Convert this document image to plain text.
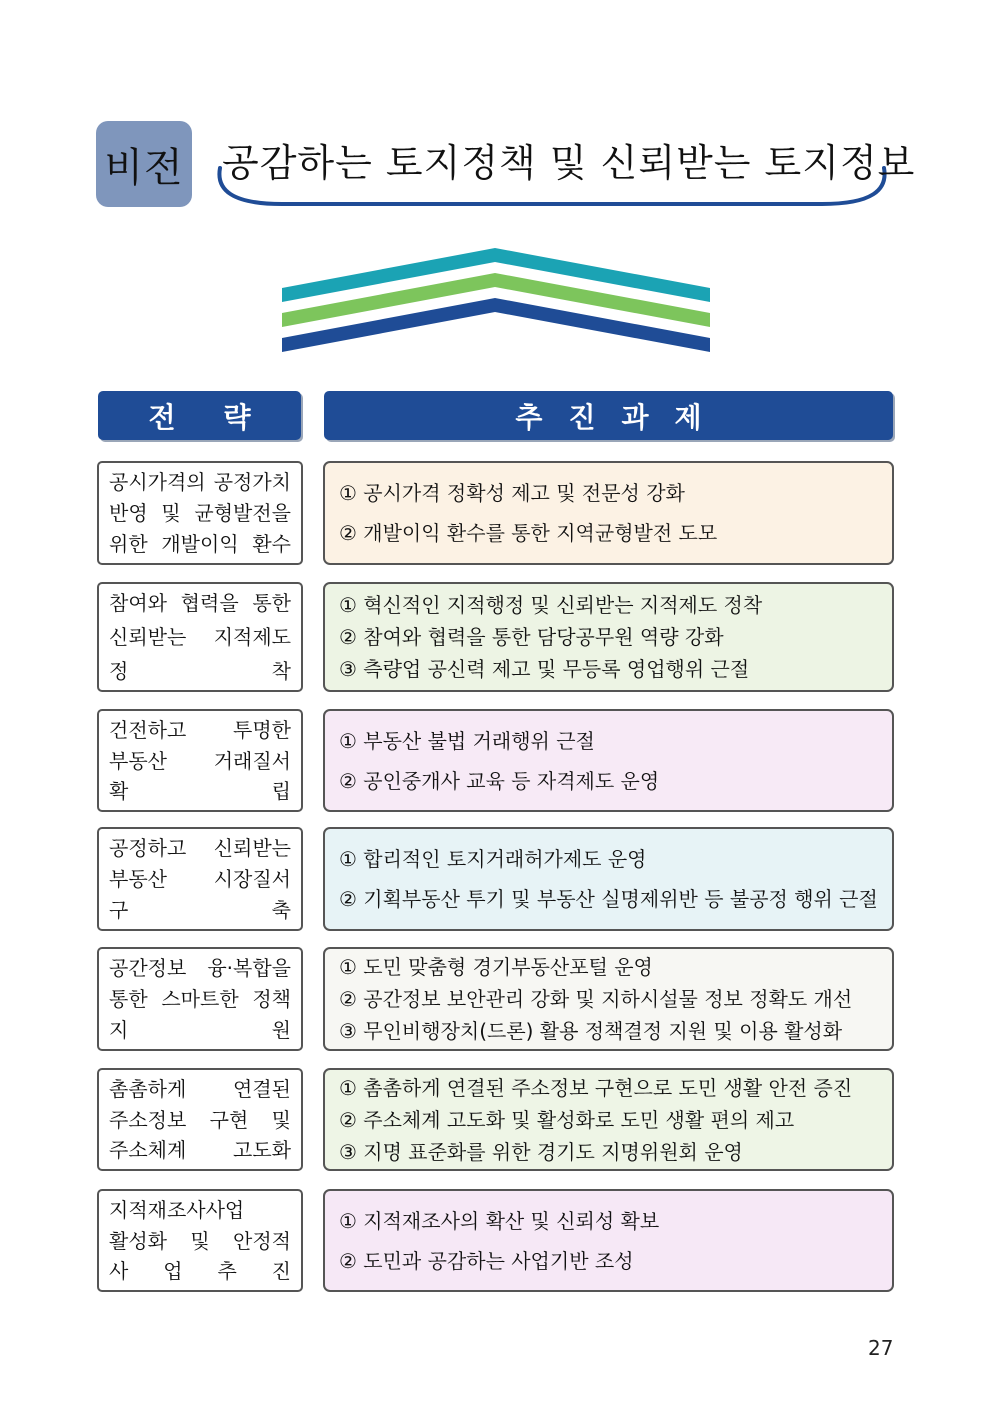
비전 공감하는 토지정책 및 신뢰받는 토지정보
전략	추진과제
공시가격의 공정가치
반영 및 균형발전을
위한 개발이익 환수
① 공시가격 정확성 제고 및 전문성 강화
② 개발이익 환수를 통한 지역균형발전 도모
참여와 협력을 통한
신뢰받는 지적제도
정 착
① 혁신적인 지적행정 및 신뢰받는 지적제도 정착
② 참여와 협력을 통한 담당공무원 역량 강화
③ 측량업 공신력 제고 및 무등록 영업행위 근절
건전하고 투명한
부동산 거래질서
확 립
① 부동산 불법 거래행위 근절
② 공인중개사 교육 등 자격제도 운영
공정하고 신뢰받는
부동산 시장질서
구 축
① 합리적인 토지거래허가제도 운영
② 기획부동산 투기 및 부동산 실명제위반 등 불공정 행위 근절
공간정보 융·복합을
통한 스마트한 정책
지 원
① 도민 맞춤형 경기부동산포털 운영
② 공간정보 보안관리 강화 및 지하시설물 정보 정확도 개선
③ 무인비행장치(드론) 활용 정책결정 지원 및 이용 활성화
촘촘하게 연결된
주소정보 구현 및
주소체계 고도화
① 촘촘하게 연결된 주소정보 구현으로 도민 생활 안전 증진
② 주소체계 고도화 및 활성화로 도민 생활 편의 제고
③ 지명 표준화를 위한 경기도 지명위원회 운영
지적재조사사업
활성화 및 안정적
사 업 추 진
① 지적재조사의 확산 및 신뢰성 확보
② 도민과 공감하는 사업기반 조성
27
